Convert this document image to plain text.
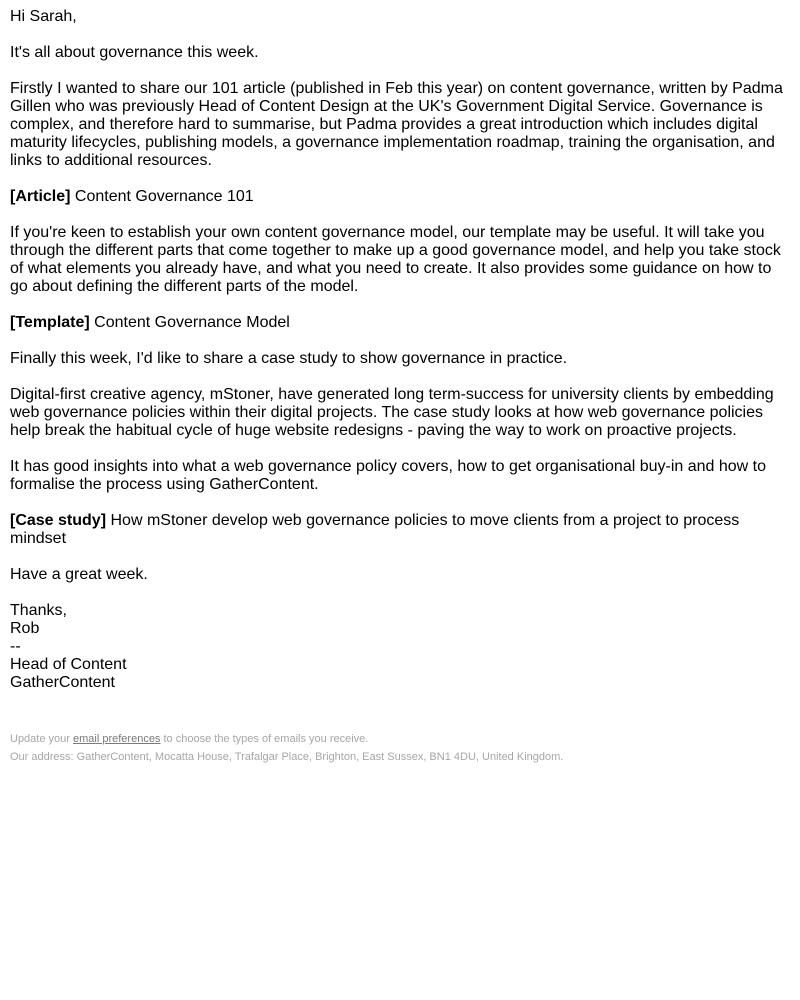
Hi Sarah,

It's all about governance this week.

Firstly I wanted to share our 101 article (published in Feb this year) on content governance, written by Padma Gillen who was previously Head of Content Design at the UK's Government Digital Service. Governance is complex, and therefore hard to summarise, but Padma provides a great introduction which includes digital maturity lifecycles, publishing models, a governance implementation roadmap, training the organisation, and links to additional resources.

[Article] Content Governance 101

If you're keen to establish your own content governance model, our template may be useful. It will take you through the different parts that come together to make up a good governance model, and help you take stock of what elements you already have, and what you need to create. It also provides some guidance on how to go about defining the different parts of the model.

[Template] Content Governance Model

Finally this week, I'd like to share a case study to show governance in practice.

Digital-first creative agency, mStoner, have generated long term-success for university clients by embedding web governance policies within their digital projects. The case study looks at how web governance policies help break the habitual cycle of huge website redesigns - paving the way to work on proactive projects.

It has good insights into what a web governance policy covers, how to get organisational buy-in and how to formalise the process using GatherContent.

[Case study] How mStoner develop web governance policies to move clients from a project to process mindset

Have a great week.

Thanks,

Rob

--

Head of Content

GatherContent

Update your email preferences to choose the types of emails you receive.
Our address: GatherContent, Mocatta House, Trafalgar Place, Brighton, East Sussex, BN1 4DU, United Kingdom.
